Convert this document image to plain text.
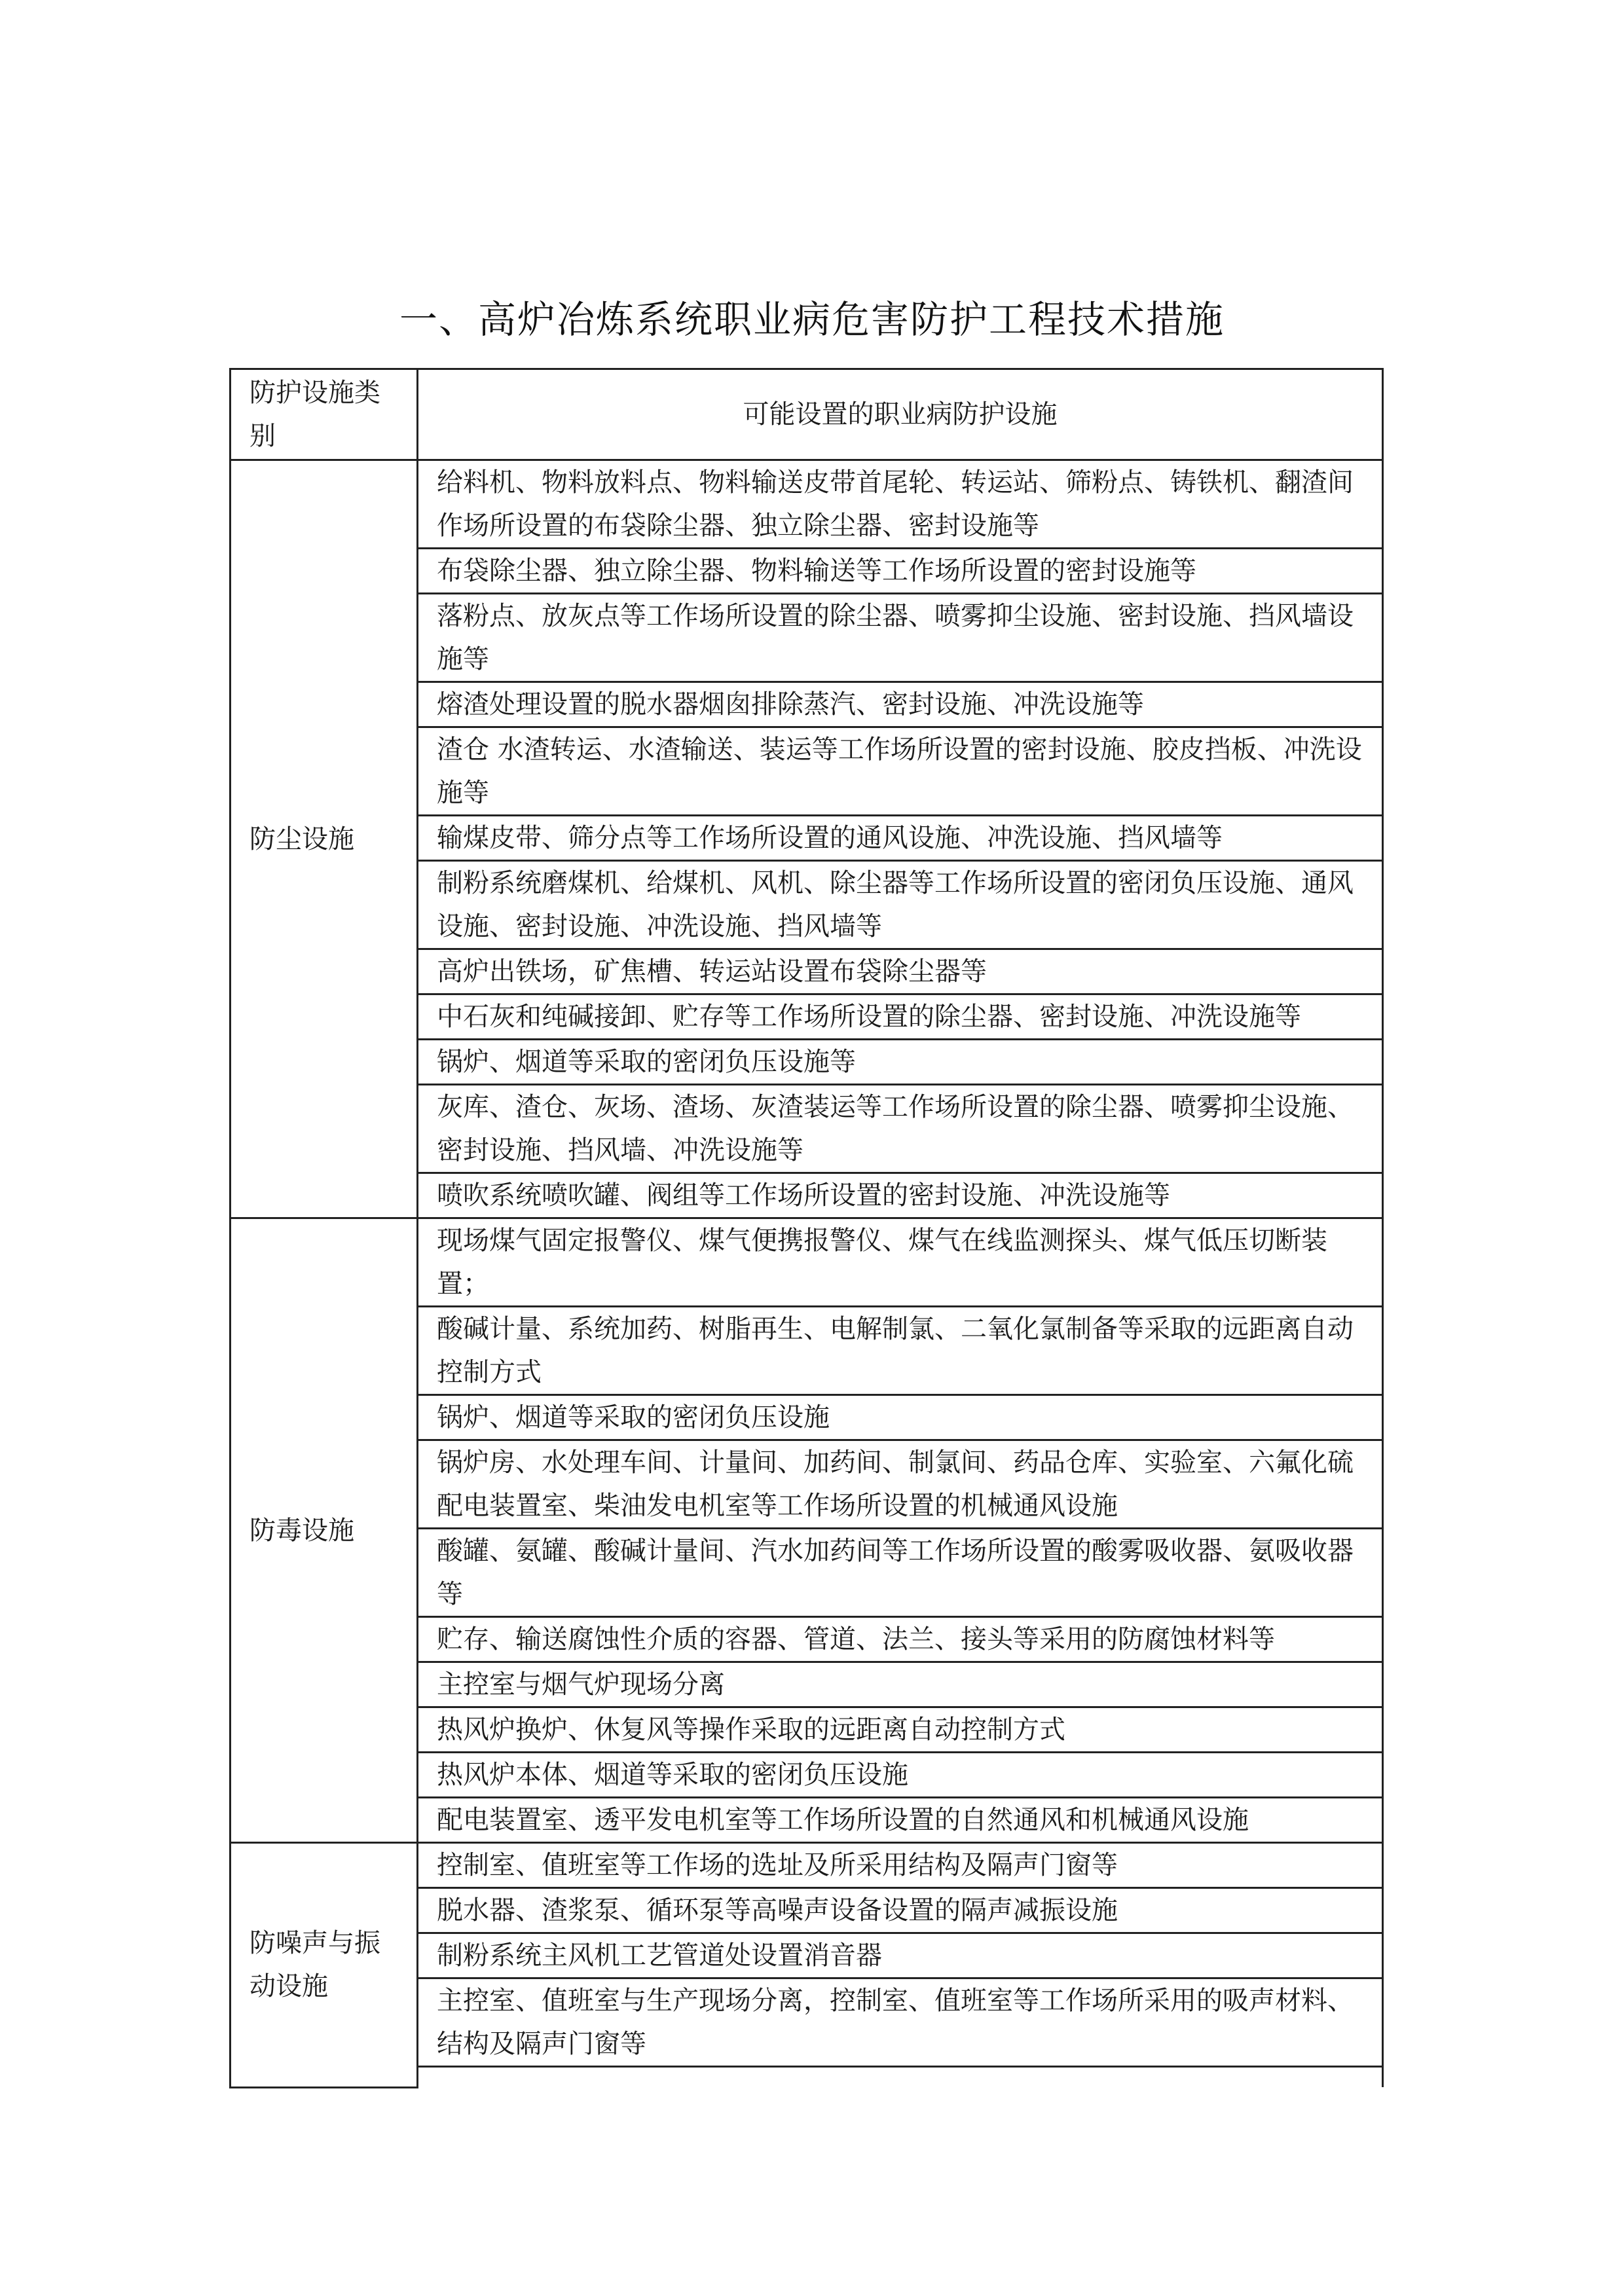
一、高炉冶炼系统职业病危害防护工程技术措施
防护设施类别	可能设置的职业病防护设施
防尘设施	给料机、物料放料点、物料输送皮带首尾轮、转运站、筛粉点、铸铁机、翻渣间作场所设置的布袋除尘器、独立除尘器、密封设施等
	布袋除尘器、独立除尘器、物料输送等工作场所设置的密封设施等
	落粉点、放灰点等工作场所设置的除尘器、喷雾抑尘设施、密封设施、挡风墙设施等
	熔渣处理设置的脱水器烟囱排除蒸汽、密封设施、冲洗设施等
	渣仓 水渣转运、水渣输送、装运等工作场所设置的密封设施、胶皮挡板、冲洗设施等
	输煤皮带、筛分点等工作场所设置的通风设施、冲洗设施、挡风墙等
	制粉系统磨煤机、给煤机、风机、除尘器等工作场所设置的密闭负压设施、通风设施、密封设施、冲洗设施、挡风墙等
	高炉出铁场，矿焦槽、转运站设置布袋除尘器等
	中石灰和纯碱接卸、贮存等工作场所设置的除尘器、密封设施、冲洗设施等
	锅炉、烟道等采取的密闭负压设施等
	灰库、渣仓、灰场、渣场、灰渣装运等工作场所设置的除尘器、喷雾抑尘设施、密封设施、挡风墙、冲洗设施等
	喷吹系统喷吹罐、阀组等工作场所设置的密封设施、冲洗设施等
防毒设施	现场煤气固定报警仪、煤气便携报警仪、煤气在线监测探头、煤气低压切断装置；
	酸碱计量、系统加药、树脂再生、电解制氯、二氧化氯制备等采取的远距离自动控制方式
	锅炉、烟道等采取的密闭负压设施
	锅炉房、水处理车间、计量间、加药间、制氯间、药品仓库、实验室、六氟化硫配电装置室、柴油发电机室等工作场所设置的机械通风设施
	酸罐、氨罐、酸碱计量间、汽水加药间等工作场所设置的酸雾吸收器、氨吸收器等
	贮存、输送腐蚀性介质的容器、管道、法兰、接头等采用的防腐蚀材料等
	主控室与烟气炉现场分离
	热风炉换炉、休复风等操作采取的远距离自动控制方式
	热风炉本体、烟道等采取的密闭负压设施
	配电装置室、透平发电机室等工作场所设置的自然通风和机械通风设施
防噪声与振动设施	控制室、值班室等工作场的选址及所采用结构及隔声门窗等
	脱水器、渣浆泵、循环泵等高噪声设备设置的隔声减振设施
	制粉系统主风机工艺管道处设置消音器
	主控室、值班室与生产现场分离，控制室、值班室等工作场所采用的吸声材料、结构及隔声门窗等
